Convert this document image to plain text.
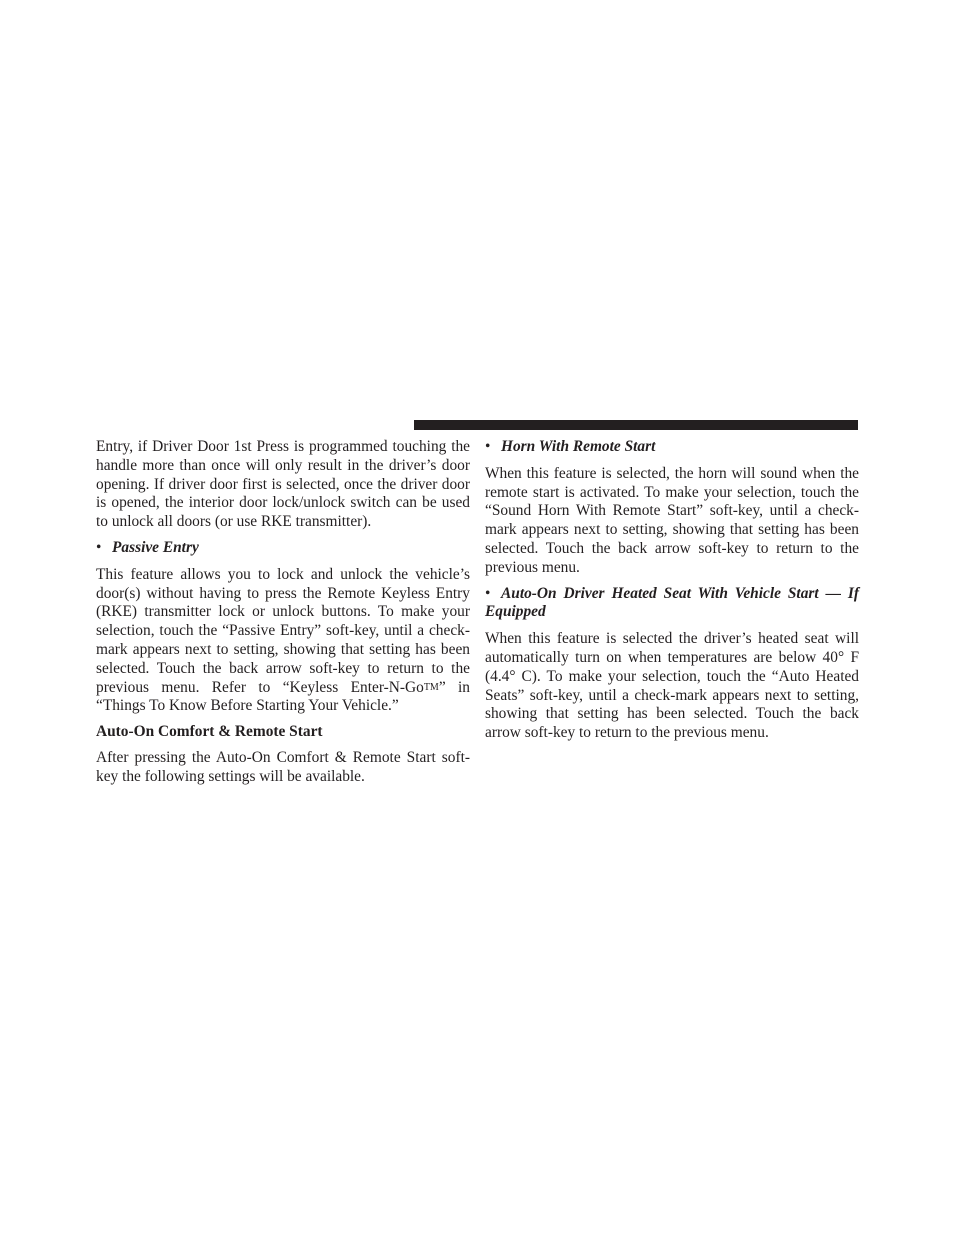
Entry, if Driver Door 1st Press is programmed touching the handle more than once will only result in the driver’s door opening. If driver door first is selected, once the driver door is opened, the interior door lock/unlock switch can be used to unlock all doors (or use RKE transmitter).

• Passive Entry

This feature allows you to lock and unlock the vehicle’s door(s) without having to press the Remote Keyless Entry (RKE) transmitter lock or unlock buttons. To make your selection, touch the “Passive Entry” soft-key, until a check-mark appears next to setting, showing that setting has been selected. Touch the back arrow soft-key to return to the previous menu. Refer to “Keyless Enter-N-GoTM” in “Things To Know Before Starting Your Vehicle.”

Auto-On Comfort & Remote Start

After pressing the Auto-On Comfort & Remote Start soft-key the following settings will be available.

• Horn With Remote Start

When this feature is selected, the horn will sound when the remote start is activated. To make your selection, touch the “Sound Horn With Remote Start” soft-key, until a check-mark appears next to setting, showing that setting has been selected. Touch the back arrow soft-key to return to the previous menu.

• Auto-On Driver Heated Seat With Vehicle Start — If Equipped

When this feature is selected the driver’s heated seat will automatically turn on when temperatures are below 40° F (4.4° C). To make your selection, touch the “Auto Heated Seats” soft-key, until a check-mark appears next to setting, showing that setting has been selected. Touch the back arrow soft-key to return to the previous menu.
